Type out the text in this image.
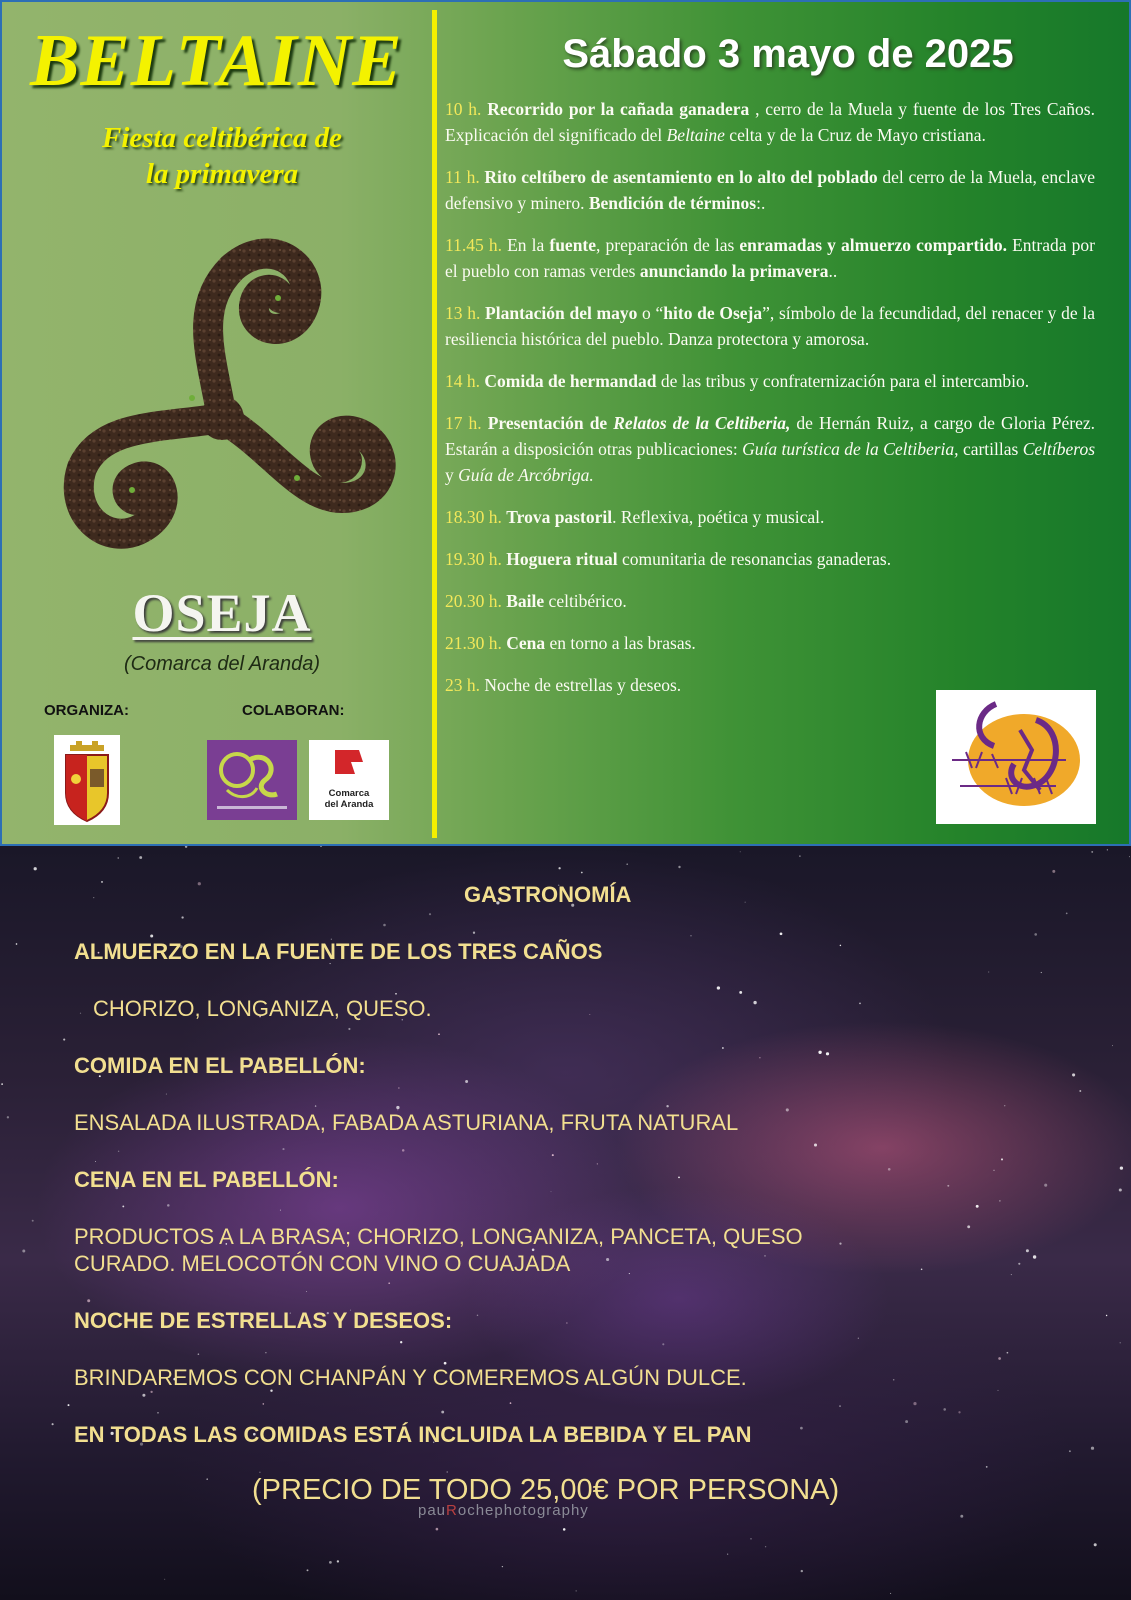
BELTAINE
Fiesta celtibérica de
la primavera
OSEJA
(Comarca del Aranda)
ORGANIZA:	COLABORAN:
Comarca
del Aranda
Sábado 3 mayo de 2025
10 h. Recorrido por la cañada ganadera , cerro de la Muela y fuente de los Tres Caños. Explicación del significado del Beltaine celta y de la Cruz de Mayo cristiana.
11 h. Rito celtíbero de asentamiento en lo alto del poblado del cerro de la Muela, enclave defensivo y minero. Bendición de términos:.
11.45 h. En la fuente, preparación de las enramadas y almuerzo compartido. Entrada por el pueblo con ramas verdes anunciando la primavera..
13 h. Plantación del mayo o “hito de Oseja”, símbolo de la fecundidad, del renacer y de la resiliencia histórica del pueblo. Danza protectora y amorosa.
14 h. Comida de hermandad de las tribus y confraternización para el intercambio.
17 h. Presentación de Relatos de la Celtiberia, de Hernán Ruiz, a cargo de Gloria Pérez. Estarán a disposición otras publicaciones: Guía turística de la Celtiberia, cartillas Celtíberos y Guía de Arcóbriga.
18.30 h. Trova pastoril. Reflexiva, poética y musical.
19.30 h. Hoguera ritual comunitaria de resonancias ganaderas.
20.30 h. Baile celtibérico.
21.30 h. Cena en torno a las brasas.
23 h. Noche de estrellas y deseos.
GASTRONOMÍA
ALMUERZO EN LA FUENTE DE LOS TRES CAÑOS
CHORIZO, LONGANIZA, QUESO.
COMIDA EN EL PABELLÓN:
ENSALADA ILUSTRADA, FABADA ASTURIANA, FRUTA NATURAL
CENA EN EL PABELLÓN:
PRODUCTOS A LA BRASA; CHORIZO, LONGANIZA, PANCETA, QUESO
CURADO. MELOCOTÓN CON VINO O CUAJADA
NOCHE DE ESTRELLAS Y DESEOS:
BRINDAREMOS CON CHANPÁN Y COMEREMOS ALGÚN DULCE.
EN TODAS LAS COMIDAS ESTÁ INCLUIDA LA BEBIDA Y EL PAN
(PRECIO DE TODO 25,00€ POR PERSONA)
pauRochephotography
